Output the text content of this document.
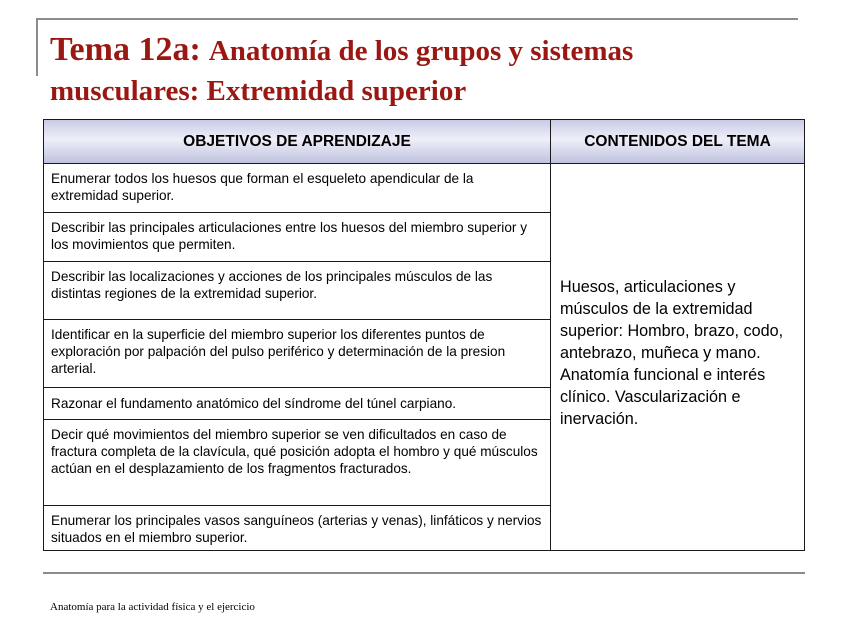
Tema 12a: Anatomía de los grupos y sistemas musculares: Extremidad superior
OBJETIVOS DE APRENDIZAJE	CONTENIDOS DEL TEMA
Enumerar todos los huesos que forman el esqueleto apendicular de la extremidad superior.
Describir las principales articulaciones entre los huesos del miembro superior y los movimientos que permiten.
Describir las localizaciones y acciones de los principales músculos de las distintas regiones de la extremidad superior.
Identificar en la superficie del miembro superior los diferentes puntos de exploración por palpación del pulso periférico y determinación de la presion arterial.
Razonar el fundamento anatómico del síndrome del túnel carpiano.
Decir qué movimientos del miembro superior se ven dificultados en caso de fractura completa de la clavícula, qué posición adopta el hombro y qué músculos actúan en el desplazamiento de los fragmentos fracturados.
Enumerar los principales vasos sanguíneos (arterias y venas), linfáticos y nervios situados en el miembro superior.
Huesos, articulaciones y músculos de la extremidad superior: Hombro, brazo, codo, antebrazo, muñeca y mano. Anatomía funcional e interés clínico. Vascularización e inervación.
Anatomía para la actividad física y el ejercicio
